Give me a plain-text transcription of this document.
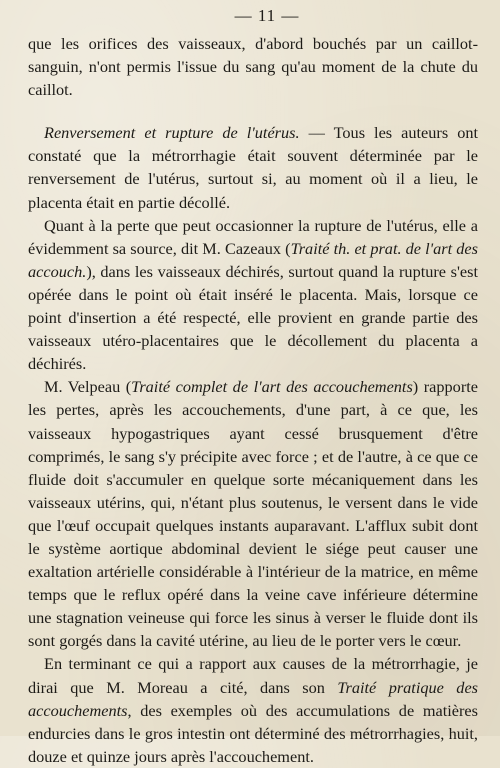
— 11 —

que les orifices des vaisseaux, d'abord bouchés par un caillot-sanguin, n'ont permis l'issue du sang qu'au moment de la chute du caillot.

Renversement et rupture de l'utérus. — Tous les auteurs ont constaté que la métrorrhagie était souvent déterminée par le renversement de l'utérus, surtout si, au moment où il a lieu, le placenta était en partie décollé.

Quant à la perte que peut occasionner la rupture de l'utérus, elle a évidemment sa source, dit M. Cazeaux (Traité th. et prat. de l'art des accouch.), dans les vaisseaux déchirés, surtout quand la rupture s'est opérée dans le point où était inséré le placenta. Mais, lorsque ce point d'insertion a été respecté, elle provient en grande partie des vaisseaux utéro-placentaires que le décollement du placenta a déchirés.

M. Velpeau (Traité complet de l'art des accouchements) rapporte les pertes, après les accouchements, d'une part, à ce que, les vaisseaux hypogastriques ayant cessé brusquement d'être comprimés, le sang s'y précipite avec force ; et de l'autre, à ce que ce fluide doit s'accumuler en quelque sorte mécaniquement dans les vaisseaux utérins, qui, n'étant plus soutenus, le versent dans le vide que l'œuf occupait quelques instants auparavant. L'afflux subit dont le système aortique abdominal devient le siége peut causer une exaltation artérielle considérable à l'intérieur de la matrice, en même temps que le reflux opéré dans la veine cave inférieure détermine une stagnation veineuse qui force les sinus à verser le fluide dont ils sont gorgés dans la cavité utérine, au lieu de le porter vers le cœur.

En terminant ce qui a rapport aux causes de la métrorrhagie, je dirai que M. Moreau a cité, dans son Traité pratique des accouchements, des exemples où des accumulations de matières endurcies dans le gros intestin ont déterminé des métrorrhagies, huit, douze et quinze jours après l'accouchement.
